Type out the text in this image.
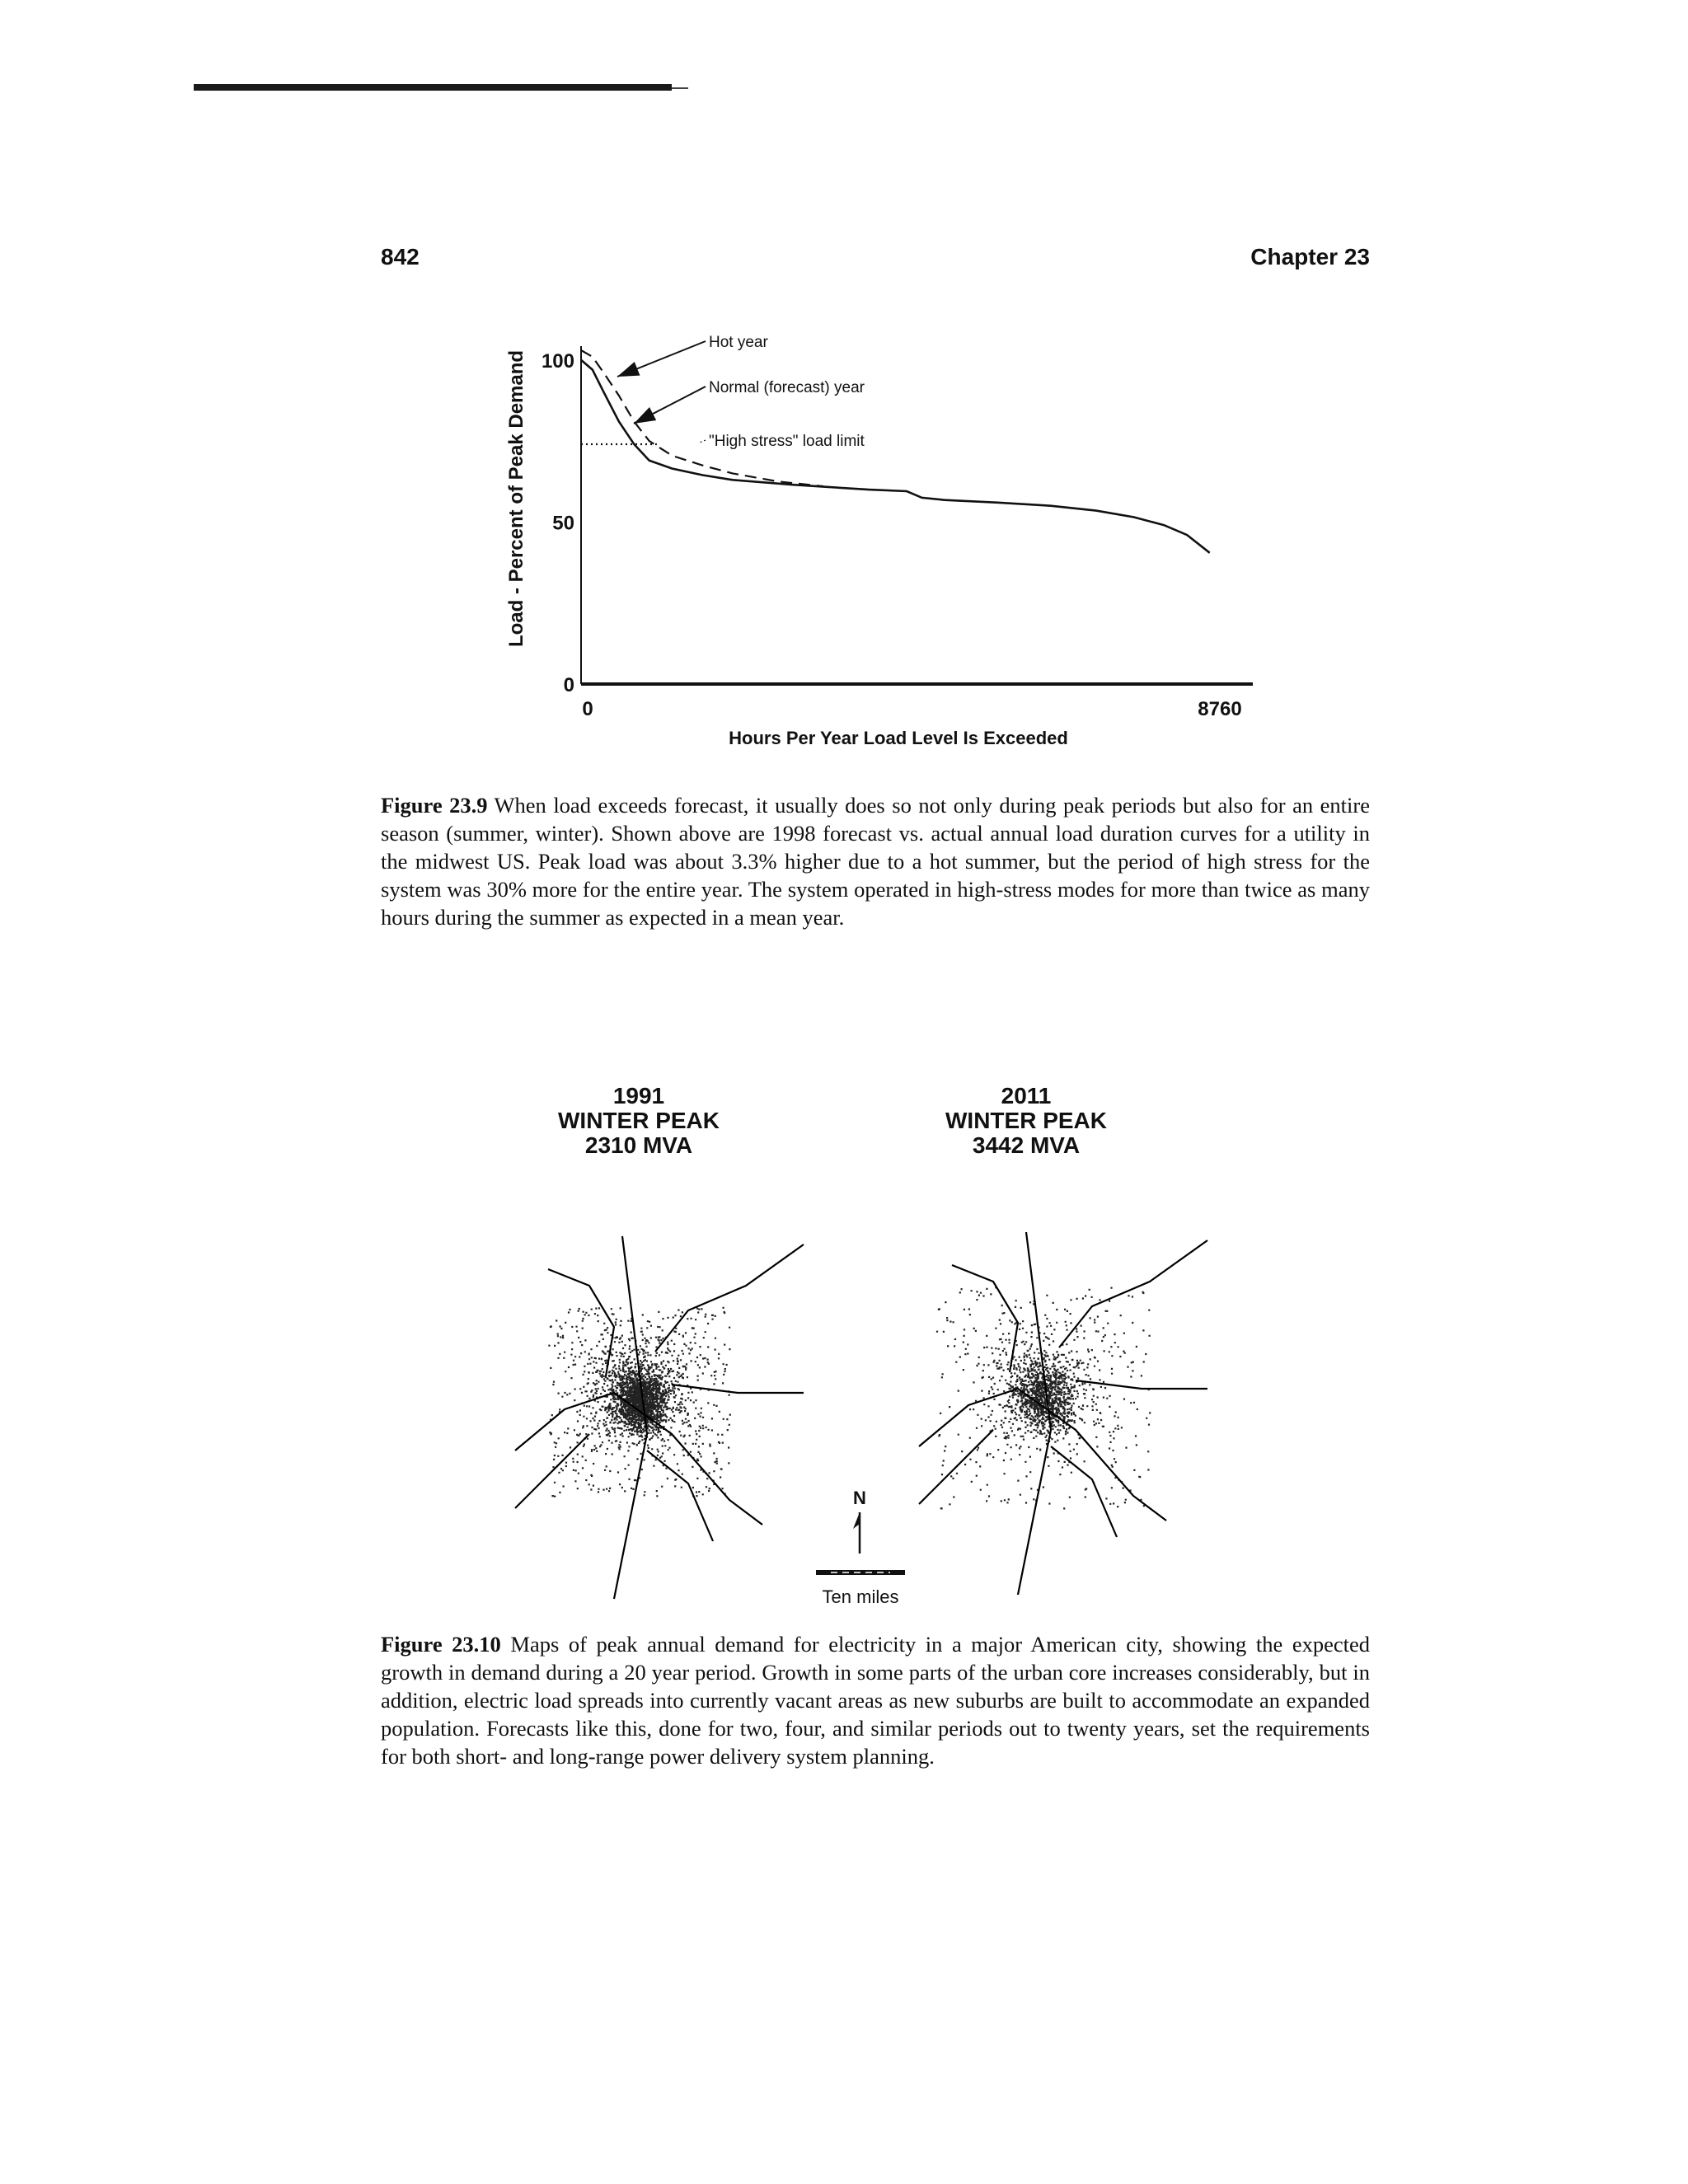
842	Chapter 23
0
50
100
0	8760
Hot year
Normal (forecast) year
"High stress" load limit
Load - Percent of Peak Demand
Hours Per Year Load Level Is Exceeded
Figure 23.9 When load exceeds forecast, it usually does so not only during peak periods but also for an entire season (summer, winter). Shown above are 1998 forecast vs. actual annual load duration curves for a utility in the midwest US. Peak load was about 3.3% higher due to a hot summer, but the period of high stress for the system was 30% more for the entire year. The system operated in high-stress modes for more than twice as many hours during the summer as expected in a mean year.
1991
WINTER PEAK
2310 MVA
2011
WINTER PEAK
3442 MVA
N
Ten miles
Figure 23.10 Maps of peak annual demand for electricity in a major American city, showing the expected growth in demand during a 20 year period. Growth in some parts of the urban core increases considerably, but in addition, electric load spreads into currently vacant areas as new suburbs are built to accommodate an expanded population. Forecasts like this, done for two, four, and similar periods out to twenty years, set the requirements for both short- and long-range power delivery system planning.
